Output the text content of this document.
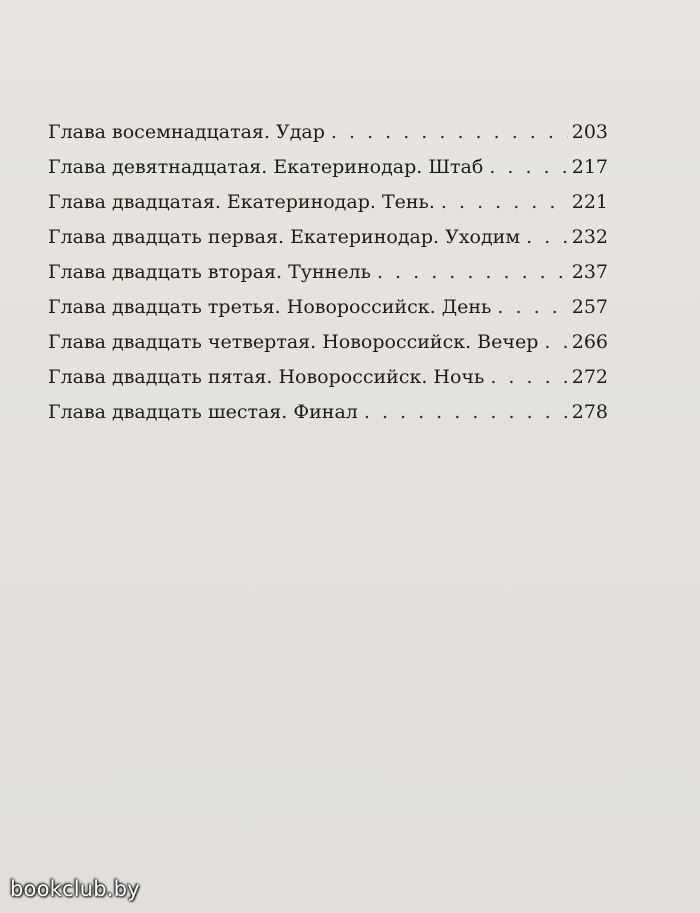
Глава восемнадцатая. Удар . . .	203
Глава девятнадцатая. Екатеринодар. Штаб . . .	217
Глава двадцатая. Екатеринодар. Тень. . . .	221
Глава двадцать первая. Екатеринодар. Уходим . . .	232
Глава двадцать вторая. Туннель . . .	237
Глава двадцать третья. Новороссийск. День . . .	257
Глава двадцать четвертая. Новороссийск. Вечер . . . 266
Глава двадцать пятая. Новороссийск. Ночь . . .	272
Глава двадцать шестая. Финал . . .	278
bookclub.by
